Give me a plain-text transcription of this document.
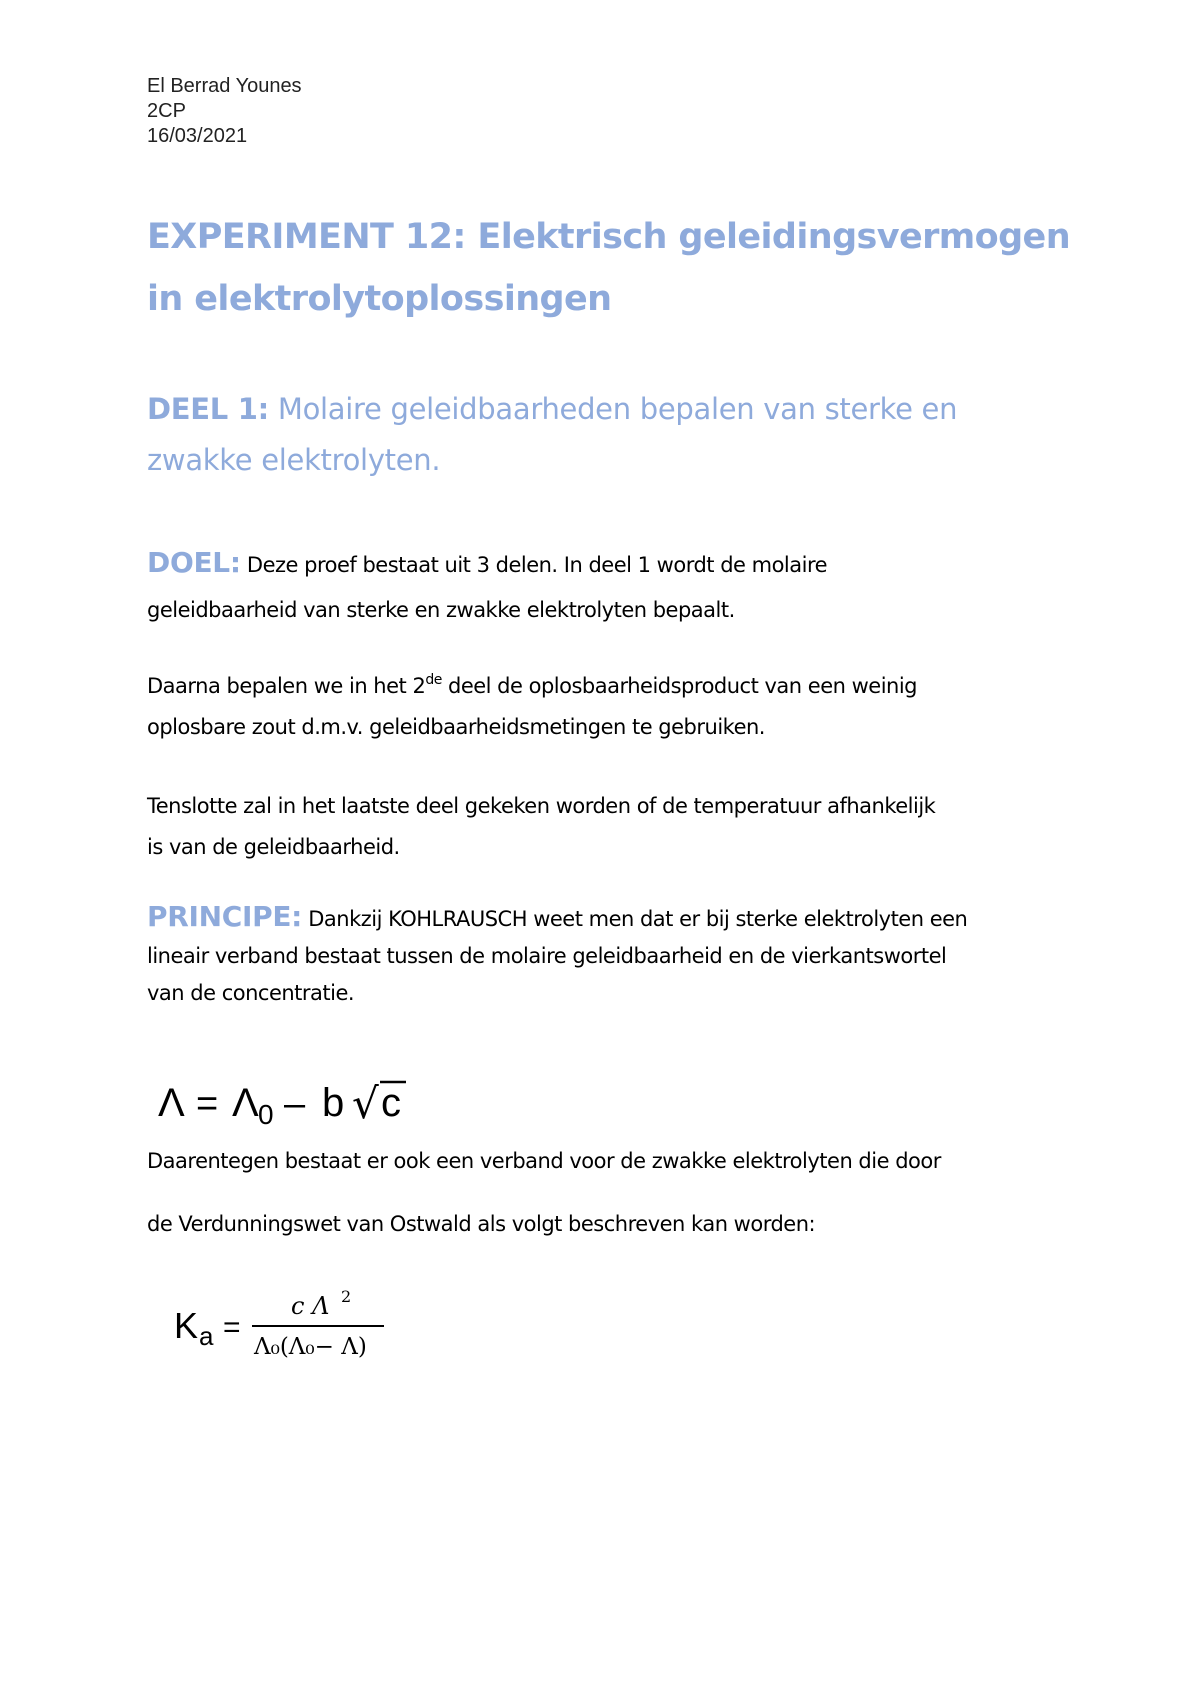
El Berrad Younes
2CP
16/03/2021
EXPERIMENT 12: Elektrisch geleidingsvermogen
in elektrolytoplossingen
DEEL 1: Molaire geleidbaarheden bepalen van sterke en
zwakke elektrolyten.
DOEL: Deze proef bestaat uit 3 delen. In deel 1 wordt de molaire
geleidbaarheid van sterke en zwakke elektrolyten bepaalt.
Daarna bepalen we in het 2de deel de oplosbaarheidsproduct van een weinig
oplosbare zout d.m.v. geleidbaarheidsmetingen te gebruiken.
Tenslotte zal in het laatste deel gekeken worden of de temperatuur afhankelijk
is van de geleidbaarheid.
PRINCIPE: Dankzij KOHLRAUSCH weet men dat er bij sterke elektrolyten een
lineair verband bestaat tussen de molaire geleidbaarheid en de vierkantswortel
van de concentratie.
Λ = Λ 0 – b √ c
Daarentegen bestaat er ook een verband voor de zwakke elektrolyten die door
de Verdunningswet van Ostwald als volgt beschreven kan worden:
K a =
c Λ 2
Λ₀(Λ₀− Λ)
